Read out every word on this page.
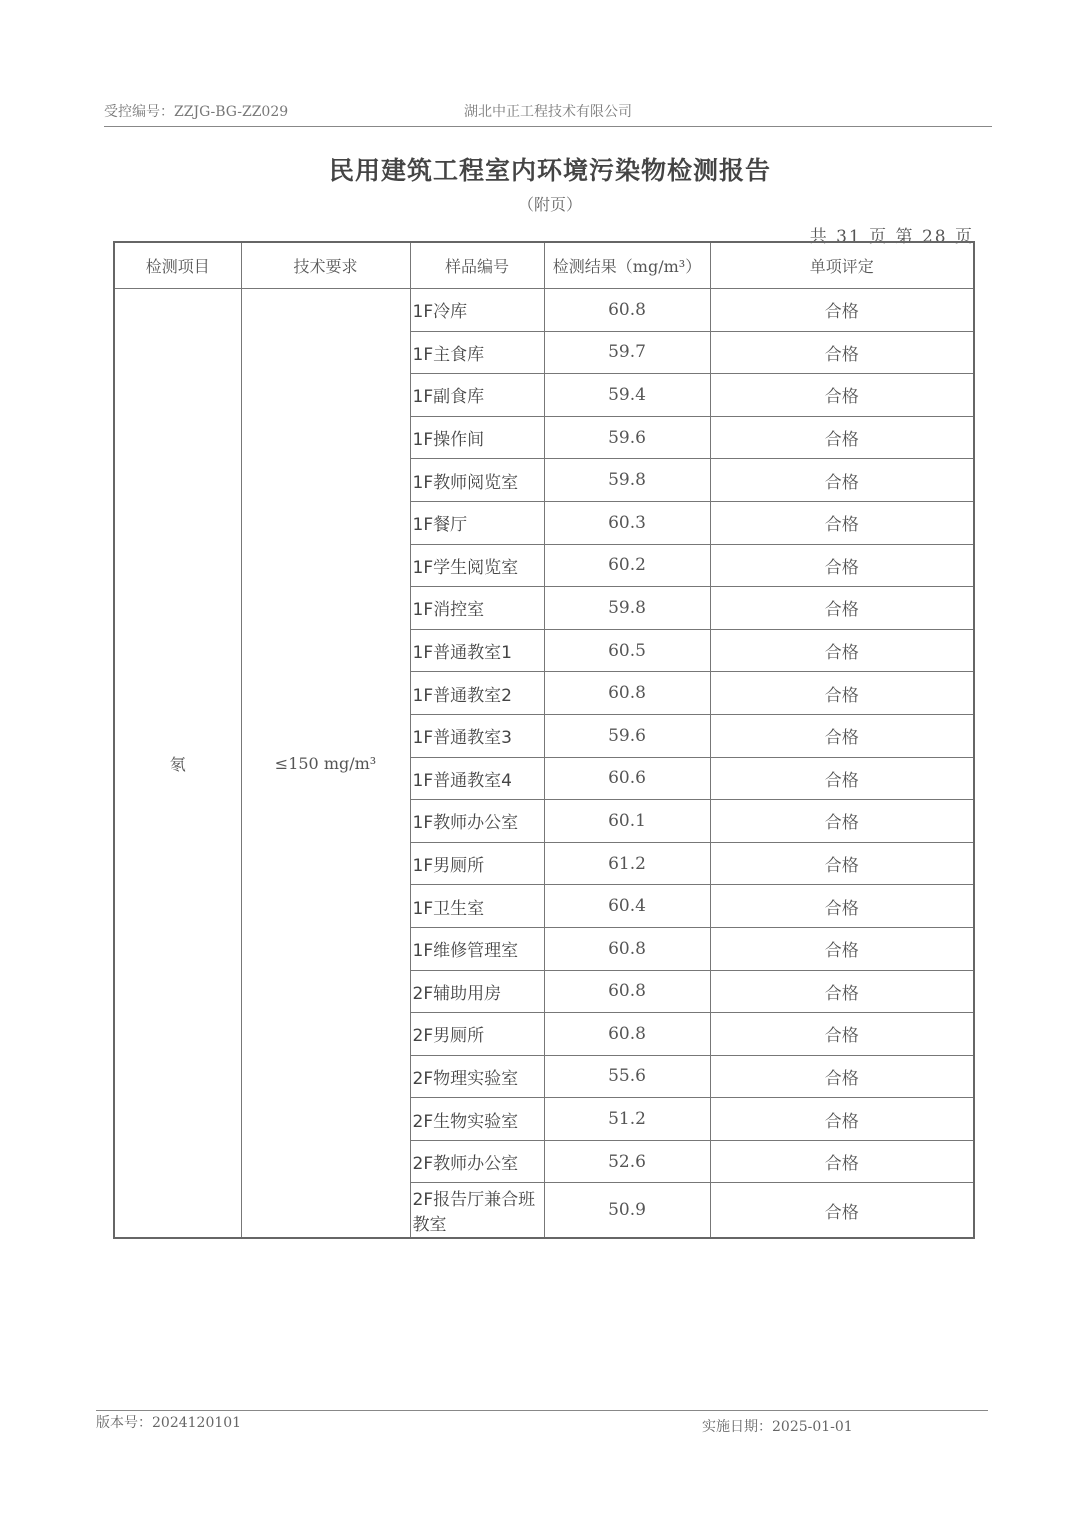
受控编号：ZZJG-BG-ZZ029	湖北中正工程技术有限公司
民用建筑工程室内环境污染物检测报告
（附页）
共 31 页 第 28 页
检测项目	技术要求	样品编号	检测结果（mg/m³）	单项评定
氡	≤150 mg/m³	1F冷库	60.8	合格
		1F主食库	59.7	合格
		1F副食库	59.4	合格
		1F操作间	59.6	合格
		1F教师阅览室	59.8	合格
		1F餐厅	60.3	合格
		1F学生阅览室	60.2	合格
		1F消控室	59.8	合格
		1F普通教室1	60.5	合格
		1F普通教室2	60.8	合格
		1F普通教室3	59.6	合格
		1F普通教室4	60.6	合格
		1F教师办公室	60.1	合格
		1F男厕所	61.2	合格
		1F卫生室	60.4	合格
		1F维修管理室	60.8	合格
		2F辅助用房	60.8	合格
		2F男厕所	60.8	合格
		2F物理实验室	55.6	合格
		2F生物实验室	51.2	合格
		2F教师办公室	52.6	合格
		2F报告厅兼合班教室	50.9	合格
版本号：2024120101	实施日期：2025-01-01
